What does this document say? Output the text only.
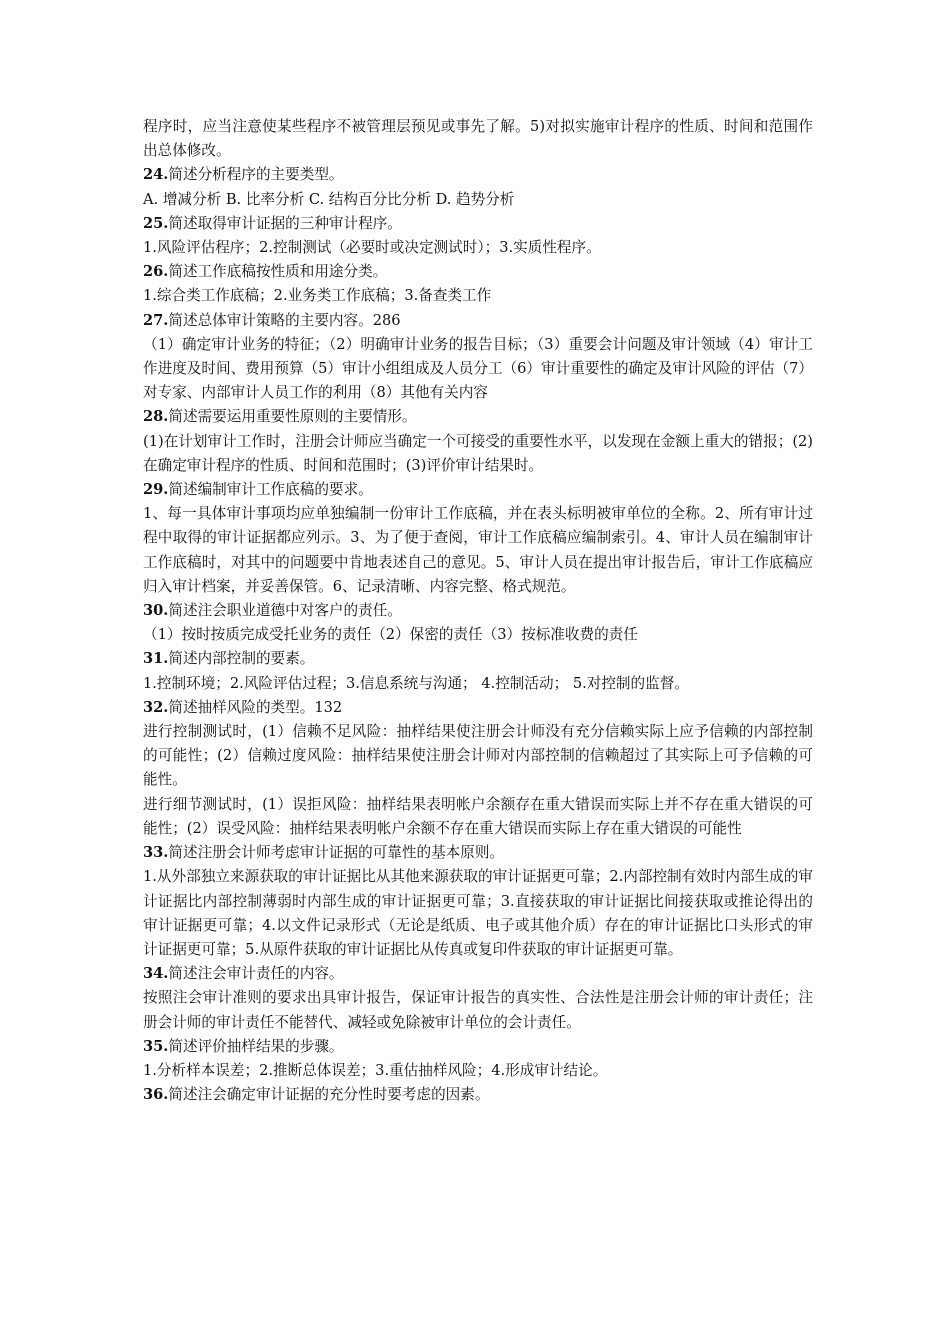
程序时，应当注意使某些程序不被管理层预见或事先了解。5)对拟实施审计程序的性质、时间和范围作出总体修改。

24.简述分析程序的主要类型。

A. 增减分析 B. 比率分析 C. 结构百分比分析 D. 趋势分析

25.简述取得审计证据的三种审计程序。

1.风险评估程序；2.控制测试（必要时或决定测试时）；3.实质性程序。

26.简述工作底稿按性质和用途分类。

1.综合类工作底稿；2.业务类工作底稿；3.备查类工作

27.简述总体审计策略的主要内容。286

（1）确定审计业务的特征；（2）明确审计业务的报告目标；（3）重要会计问题及审计领域（4）审计工作进度及时间、费用预算（5）审计小组组成及人员分工（6）审计重要性的确定及审计风险的评估（7）对专家、内部审计人员工作的利用（8）其他有关内容

28.简述需要运用重要性原则的主要情形。

(1)在计划审计工作时，注册会计师应当确定一个可接受的重要性水平，以发现在金额上重大的错报；(2)在确定审计程序的性质、时间和范围时；(3)评价审计结果时。

29.简述编制审计工作底稿的要求。

1、每一具体审计事项均应单独编制一份审计工作底稿，并在表头标明被审单位的全称。2、所有审计过程中取得的审计证据都应列示。3、为了便于查阅，审计工作底稿应编制索引。4、审计人员在编制审计工作底稿时，对其中的问题要中肯地表述自己的意见。5、审计人员在提出审计报告后，审计工作底稿应归入审计档案，并妥善保管。6、记录清晰、内容完整、格式规范。

30.简述注会职业道德中对客户的责任。

（1）按时按质完成受托业务的责任（2）保密的责任（3）按标准收费的责任

31.简述内部控制的要素。

1.控制环境；2.风险评估过程；3.信息系统与沟通； 4.控制活动； 5.对控制的监督。

32.简述抽样风险的类型。132

进行控制测试时，(1）信赖不足风险：抽样结果使注册会计师没有充分信赖实际上应予信赖的内部控制的可能性；(2）信赖过度风险：抽样结果使注册会计师对内部控制的信赖超过了其实际上可予信赖的可能性。

进行细节测试时，(1）误拒风险：抽样结果表明帐户余额存在重大错误而实际上并不存在重大错误的可能性；(2）误受风险：抽样结果表明帐户余额不存在重大错误而实际上存在重大错误的可能性

33.简述注册会计师考虑审计证据的可靠性的基本原则。

1.从外部独立来源获取的审计证据比从其他来源获取的审计证据更可靠；2.内部控制有效时内部生成的审计证据比内部控制薄弱时内部生成的审计证据更可靠；3.直接获取的审计证据比间接获取或推论得出的审计证据更可靠；4.以文件记录形式（无论是纸质、电子或其他介质）存在的审计证据比口头形式的审计证据更可靠；5.从原件获取的审计证据比从传真或复印件获取的审计证据更可靠。

34.简述注会审计责任的内容。

按照注会审计准则的要求出具审计报告，保证审计报告的真实性、合法性是注册会计师的审计责任；注册会计师的审计责任不能替代、减轻或免除被审计单位的会计责任。

35.简述评价抽样结果的步骤。

1.分析样本误差；2.推断总体误差；3.重估抽样风险；4.形成审计结论。

36.简述注会确定审计证据的充分性时要考虑的因素。
